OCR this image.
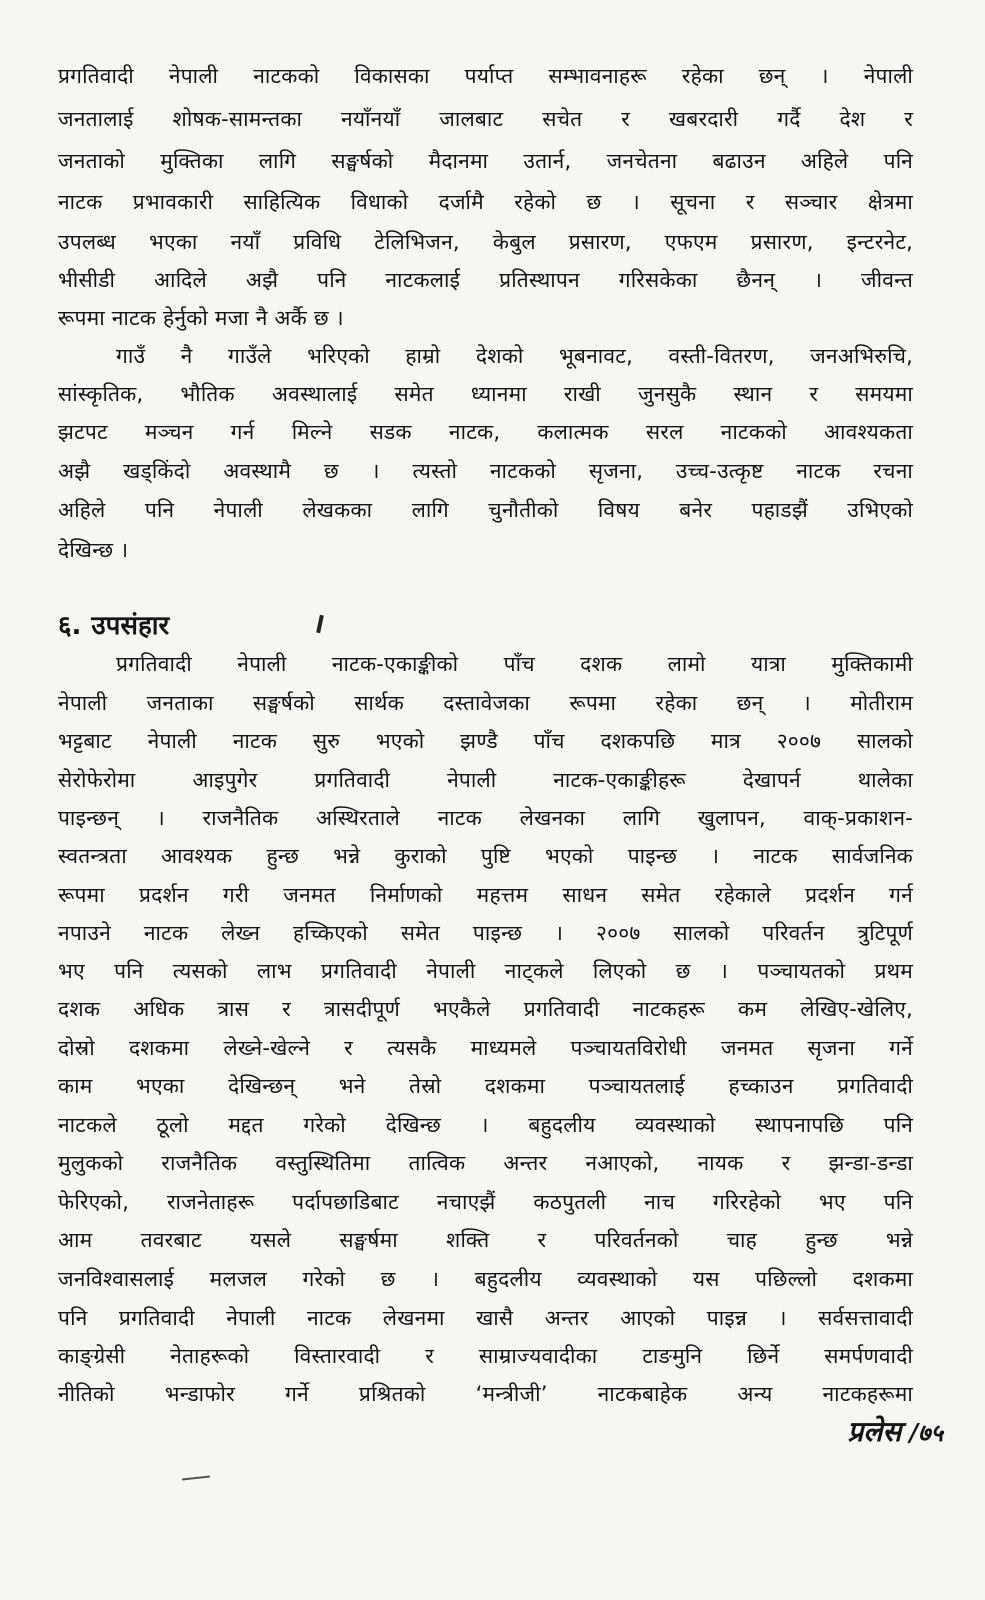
प्रगतिवादी नेपाली नाटकको विकासका पर्याप्त सम्भावनाहरू रहेका छन् । नेपाली
जनतालाई शोषक-सामन्तका नयाँनयाँ जालबाट सचेत र खबरदारी गर्दै देश र
जनताको मुक्तिका लागि सङ्घर्षको मैदानमा उतार्न, जनचेतना बढाउन अहिले पनि
नाटक प्रभावकारी साहित्यिक विधाको दर्जामै रहेको छ । सूचना र सञ्चार क्षेत्रमा
उपलब्ध भएका नयाँ प्रविधि टेलिभिजन, केबुल प्रसारण, एफएम प्रसारण, इन्टरनेट,
भीसीडी आदिले अझै पनि नाटकलाई प्रतिस्थापन गरिसकेका छैनन् । जीवन्त
रूपमा नाटक हेर्नुको मजा नै अर्कै छ ।
गाउँ नै गाउँले भरिएको हाम्रो देशको भूबनावट, वस्ती-वितरण, जनअभिरुचि,
सांस्कृतिक, भौतिक अवस्थालाई समेत ध्यानमा राखी जुनसुकै स्थान र समयमा
झटपट मञ्चन गर्न मिल्ने सडक नाटक, कलात्मक सरल नाटकको आवश्यकता
अझै खड्किंदो अवस्थामै छ । त्यस्तो नाटकको सृजना, उच्च-उत्कृष्ट नाटक रचना
अहिले पनि नेपाली लेखकका लागि चुनौतीको विषय बनेर पहाडझैं उभिएको
देखिन्छ ।
६. उपसंहार
प्रगतिवादी नेपाली नाटक-एकाङ्कीको पाँच दशक लामो यात्रा मुक्तिकामी
नेपाली जनताका सङ्घर्षको सार्थक दस्तावेजका रूपमा रहेका छन् । मोतीराम
भट्टबाट नेपाली नाटक सुरु भएको झण्डै पाँच दशकपछि मात्र २००७ सालको
सेरोफेरोमा आइपुगेर प्रगतिवादी नेपाली नाटक-एकाङ्कीहरू देखापर्न थालेका
पाइन्छन् । राजनैतिक अस्थिरताले नाटक लेखनका लागि खुलापन, वाक्-प्रकाशन-
स्वतन्त्रता आवश्यक हुन्छ भन्ने कुराको पुष्टि भएको पाइन्छ । नाटक सार्वजनिक
रूपमा प्रदर्शन गरी जनमत निर्माणको महत्तम साधन समेत रहेकाले प्रदर्शन गर्न
नपाउने नाटक लेख्न हच्किएको समेत पाइन्छ । २००७ सालको परिवर्तन त्रुटिपूर्ण
भए पनि त्यसको लाभ प्रगतिवादी नेपाली नाट्कले लिएको छ । पञ्चायतको प्रथम
दशक अधिक त्रास र त्रासदीपूर्ण भएकैले प्रगतिवादी नाटकहरू कम लेखिए-खेलिए,
दोस्रो दशकमा लेख्ने-खेल्ने र त्यसकै माध्यमले पञ्चायतविरोधी जनमत सृजना गर्ने
काम भएका देखिन्छन् भने तेस्रो दशकमा पञ्चायतलाई हच्काउन प्रगतिवादी
नाटकले ठूलो मद्दत गरेको देखिन्छ । बहुदलीय व्यवस्थाको स्थापनापछि पनि
मुलुकको राजनैतिक वस्तुस्थितिमा तात्विक अन्तर नआएको, नायक र झन्डा-डन्डा
फेरिएको, राजनेताहरू पर्दापछाडिबाट नचाएझैं कठपुतली नाच गरिरहेको भए पनि
आम तवरबाट यसले सङ्घर्षमा शक्ति र परिवर्तनको चाह हुन्छ भन्ने
जनविश्वासलाई मलजल गरेको छ । बहुदलीय व्यवस्थाको यस पछिल्लो दशकमा
पनि प्रगतिवादी नेपाली नाटक लेखनमा खासै अन्तर आएको पाइन्न । सर्वसत्तावादी
काङ्ग्रेसी नेताहरूको विस्तारवादी र साम्राज्यवादीका टाङमुनि छिर्ने समर्पणवादी
नीतिको भन्डाफोर गर्ने प्रश्रितको ‘मन्त्रीजी’ नाटकबाहेक अन्य नाटकहरूमा
प्रलेस /७५
